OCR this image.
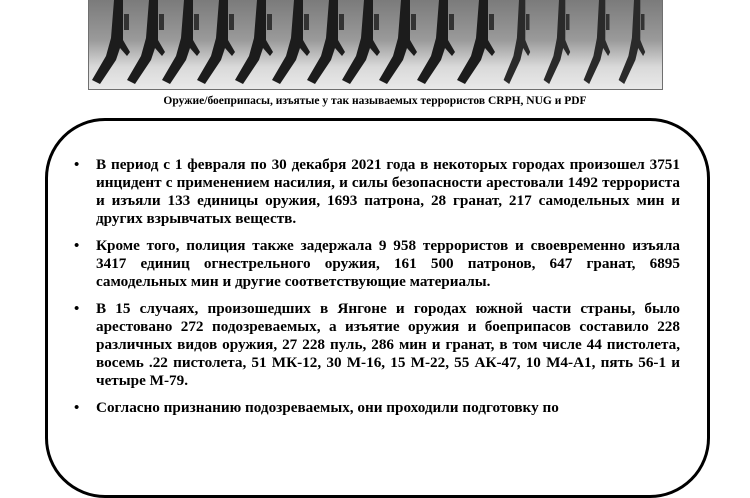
Оружие/боеприпасы, изъятые у так называемых террористов CRPH, NUG и PDF
• В период с 1 февраля по 30 декабря 2021 года в некоторых городах произошел 3751 инцидент с применением насилия, и силы безопасности арестовали 1492 террориста и изъяли 133 единицы оружия, 1693 патрона, 28 гранат, 217 самодельных мин и других взрывчатых веществ.
• Кроме того, полиция также задержала 9 958 террористов и своевременно изъяла 3417 единиц огнестрельного оружия, 161 500 патронов, 647 гранат, 6895 самодельных мин и другие соответствующие материалы.
• В 15 случаях, произошедших в Янгоне и городах южной части страны, было арестовано 272 подозреваемых, а изъятие оружия и боеприпасов составило 228 различных видов оружия, 27 228 пуль, 286 мин и гранат, в том числе 44 пистолета, восемь .22 пистолета, 51 МК-12, 30 М-16, 15 М-22, 55 АК-47, 10 М4-А1, пять 56-1 и четыре М-79.
• Согласно признанию подозреваемых, они проходили подготовку по
